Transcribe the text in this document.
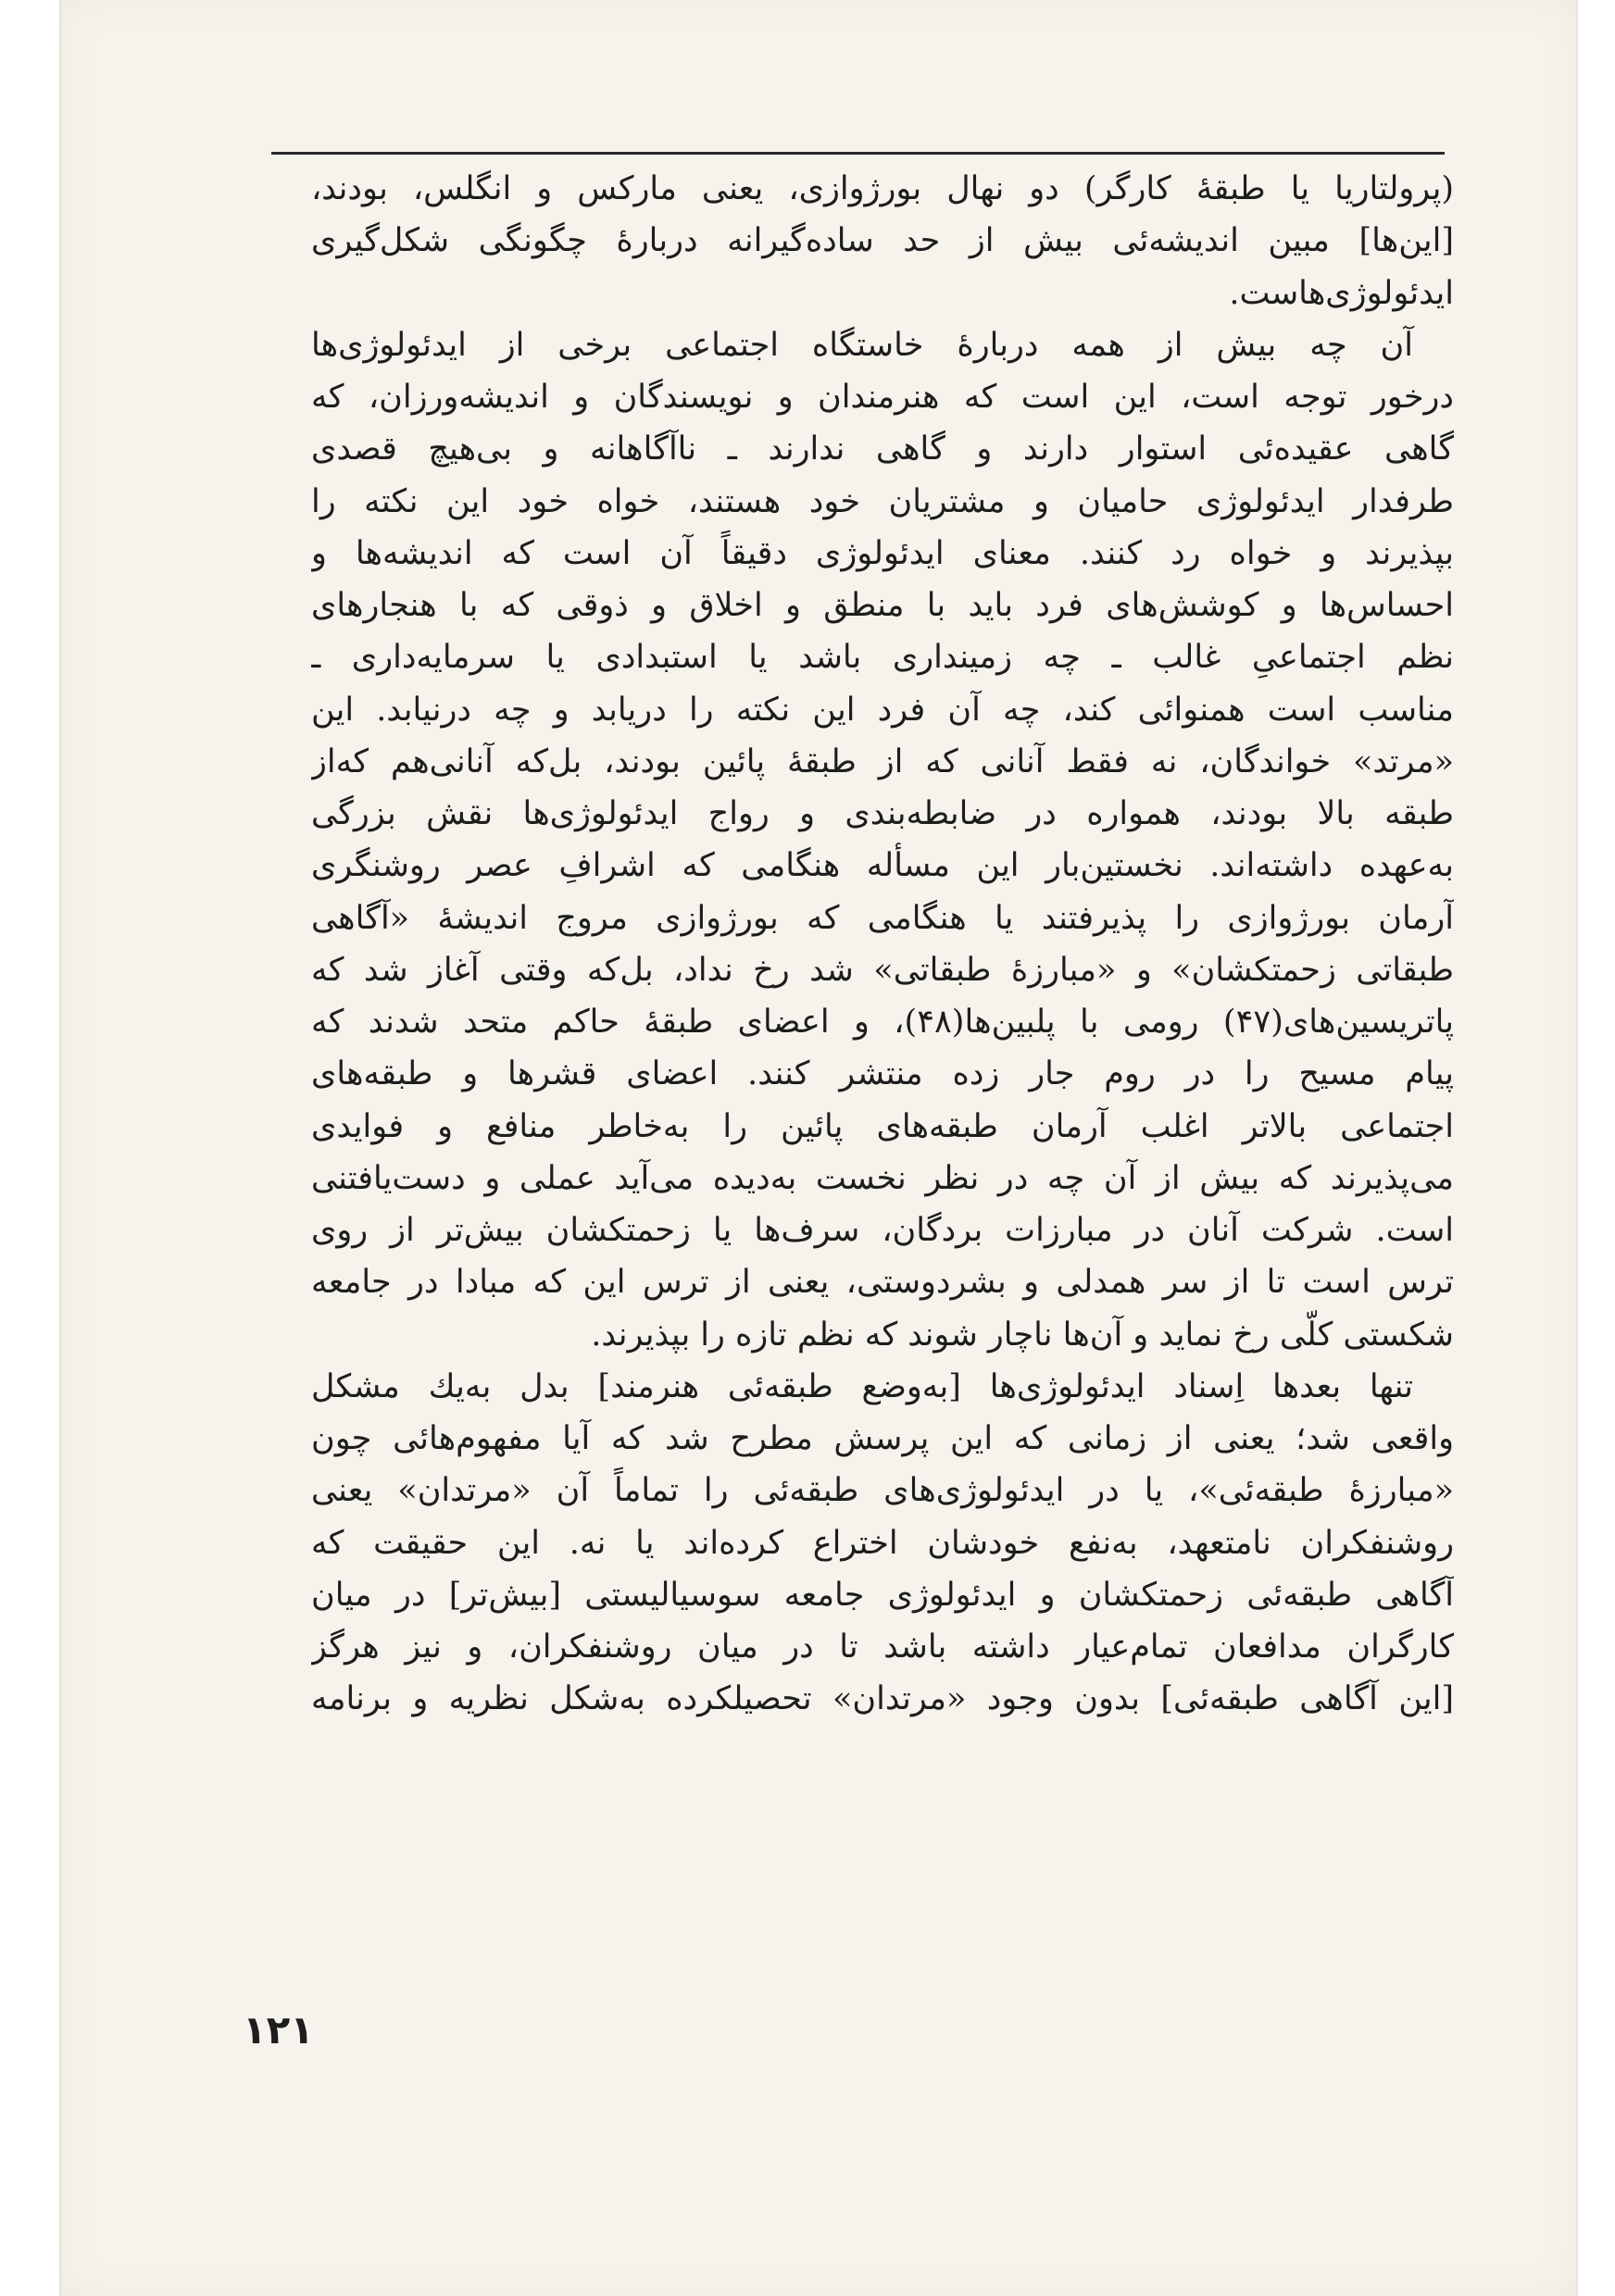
(پرولتاریا یا طبقهٔ کارگر) دو نهال بورژوازی، یعنی مارکس و انگلس، بودند،
[این‌ها] مبین اندیشه‌ئی بیش از حد ساده‌گیرانه دربارهٔ چگونگی شکل‌گیری
ایدئولوژی‌هاست.
آن چه بیش از همه دربارهٔ خاستگاه اجتماعی برخی از ایدئولوژی‌ها
درخور توجه است، این است که هنرمندان و نویسندگان و اندیشه‌ورزان، که
گاهی عقیده‌ئی استوار دارند و گاهی ندارند ـ ناآگاهانه و بی‌هیچ قصدی
طرفدار ایدئولوژی حامیان و مشتریان خود هستند، خواه خود این نکته را
بپذیرند و خواه رد کنند. معنای ایدئولوژی دقیقاً آن است که اندیشه‌ها و
احساس‌ها و کوشش‌های فرد باید با منطق و اخلاق و ذوقی که با هنجارهای
نظم اجتماعیِ غالب ـ چه زمینداری باشد یا استبدادی یا سرمایه‌داری ـ
مناسب است همنوائی کند، چه آن فرد این نکته را دریابد و چه درنیابد. این
«مرتد» خواندگان، نه فقط آنانی که از طبقهٔ پائین بودند، بل‌که آنانی‌هم که‌از
طبقه بالا بودند، همواره در ضابطه‌بندی و رواج ایدئولوژی‌ها نقش بزرگی
به‌عهده داشته‌اند. نخستین‌بار این مسأله هنگامی که اشرافِ عصر روشنگری
آرمان بورژوازی را پذیرفتند یا هنگامی که بورژوازی مروج اندیشهٔ «آگاهی
طبقاتی زحمتکشان» و «مبارزهٔ طبقاتی» شد رخ نداد، بل‌که وقتی آغاز شد که
پاتریسین‌های(۴۷) رومی با پلبین‌ها(۴۸)، و اعضای طبقهٔ حاکم متحد شدند که
پیام مسیح را در روم جار زده منتشر کنند. اعضای قشرها و طبقه‌های
اجتماعی بالاتر اغلب آرمان طبقه‌های پائین را به‌خاطر منافع و فوایدی
می‌پذیرند که بیش از آن چه در نظر نخست به‌دیده می‌آید عملی و دست‌یافتنی
است. شرکت آنان در مبارزات بردگان، سرف‌ها یا زحمتکشان بیش‌تر از روی
ترس است تا از سر همدلی و بشردوستی، یعنی از ترس این که مبادا در جامعه
شکستی کلّی رخ نماید و آن‌ها ناچار شوند که نظم تازه را بپذیرند.
تنها بعدها اِسناد ایدئولوژی‌ها [به‌وضع طبقه‌ئی هنرمند] بدل به‌یك مشکل
واقعی شد؛ یعنی از زمانی که این پرسش مطرح شد که آیا مفهوم‌هائی چون
«مبارزهٔ طبقه‌ئی»، یا در ایدئولوژی‌های طبقه‌ئی را تماماً آن «مرتدان» یعنی
روشنفکران نامتعهد، به‌نفع خودشان اختراع کرده‌اند یا نه. این حقیقت که
آگاهی طبقه‌ئی زحمتکشان و ایدئولوژی جامعه سوسیالیستی [بیش‌تر] در میان
کارگران مدافعان تمام‌عیار داشته باشد تا در میان روشنفکران، و نیز هرگز
[این آگاهی طبقه‌ئی] بدون وجود «مرتدان» تحصیلکرده به‌شکل نظریه و برنامه
۱۲۱
